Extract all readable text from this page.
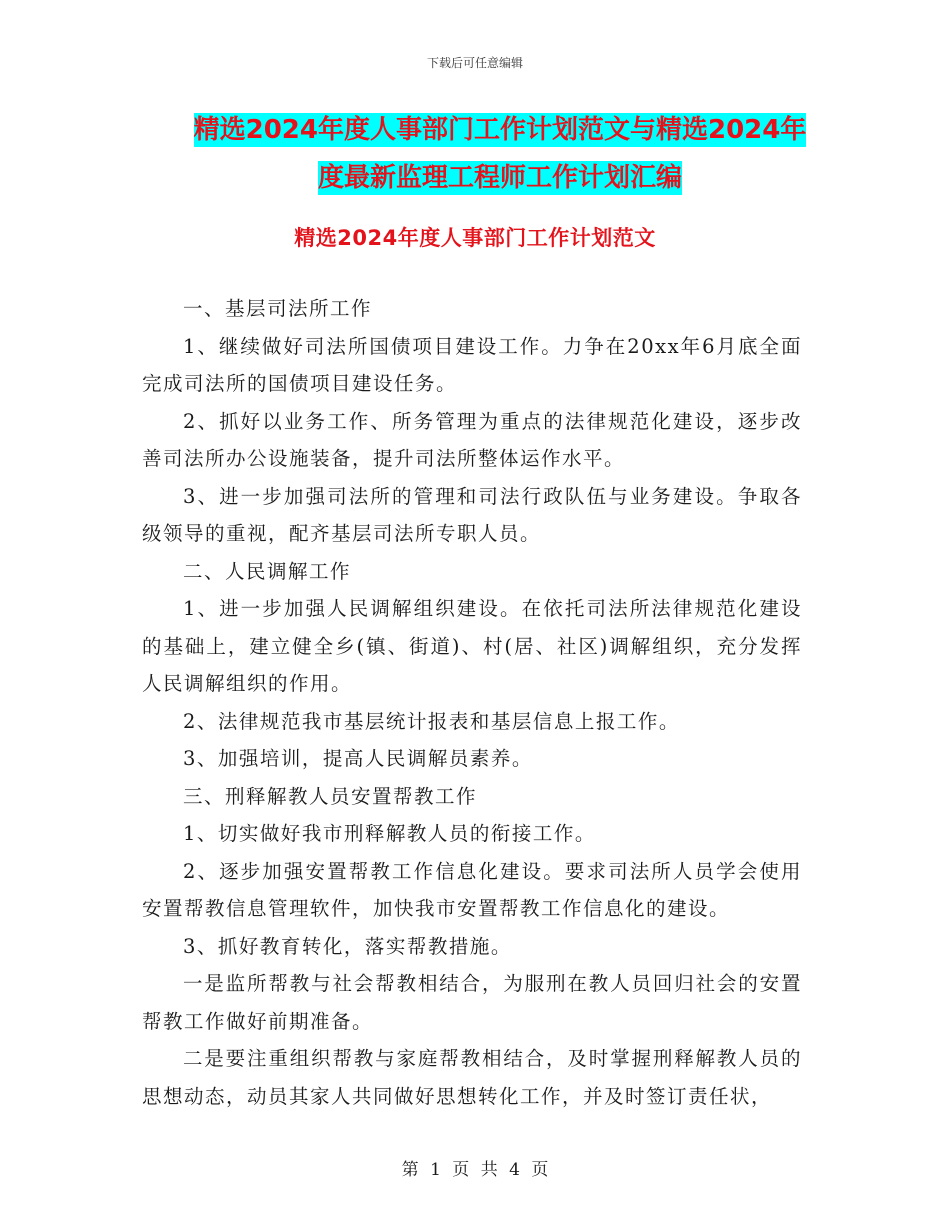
下载后可任意编辑
精选2024年度人事部门工作计划范文与精选2024年
度最新监理工程师工作计划汇编
精选2024年度人事部门工作计划范文

一、基层司法所工作

1、继续做好司法所国债项目建设工作。力争在20xx年6月底全面完成司法所的国债项目建设任务。

2、抓好以业务工作、所务管理为重点的法律规范化建设，逐步改善司法所办公设施装备，提升司法所整体运作水平。

3、进一步加强司法所的管理和司法行政队伍与业务建设。争取各级领导的重视，配齐基层司法所专职人员。

二、人民调解工作

1、进一步加强人民调解组织建设。在依托司法所法律规范化建设的基础上，建立健全乡(镇、街道)、村(居、社区)调解组织，充分发挥人民调解组织的作用。

2、法律规范我市基层统计报表和基层信息上报工作。

3、加强培训，提高人民调解员素养。

三、刑释解教人员安置帮教工作

1、切实做好我市刑释解教人员的衔接工作。

2、逐步加强安置帮教工作信息化建设。要求司法所人员学会使用安置帮教信息管理软件，加快我市安置帮教工作信息化的建设。

3、抓好教育转化，落实帮教措施。

一是监所帮教与社会帮教相结合，为服刑在教人员回归社会的安置帮教工作做好前期准备。

二是要注重组织帮教与家庭帮教相结合，及时掌握刑释解教人员的思想动态，动员其家人共同做好思想转化工作，并及时签订责任状，

第 1 页 共 4 页
